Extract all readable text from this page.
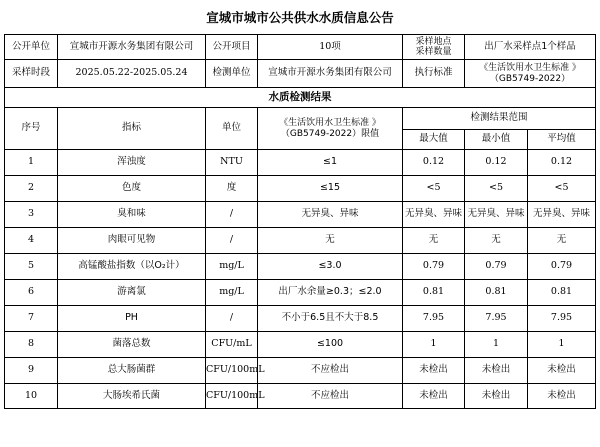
宣城市城市公共供水水质信息公告
公开单位	宣城市开源水务集团有限公司	公开项目	10项	采样地点
采样数量	出厂水采样点1个样品	
采样时段	2025.05.22-2025.05.24	检测单位	宣城市开源水务集团有限公司	执行标准	《生活饮用水卫生标准 》
（GB5749-2022）	
水质检测结果						
序号	指标	单位	《生活饮用水卫生标准 》
（GB5749-2022）限值	检测结果范围		
				最大值	最小值	平均值
1	浑浊度	NTU	≤1	0.12	0.12	0.12
2	色度	度	≤15	<5	<5	<5
3	臭和味	/	无异臭、异味	无异臭、异味	无异臭、异味	无异臭、异味
4	肉眼可见物	/	无	无	无	无
5	高锰酸盐指数（以O₂计）	mg/L	≤3.0	0.79	0.79	0.79
6	游离氯	mg/L	出厂水余量≥0.3；≤2.0	0.81	0.81	0.81
7	PH	/	不小于6.5且不大于8.5	7.95	7.95	7.95
8	菌落总数	CFU/mL	≤100	1	1	1
9	总大肠菌群	CFU/100mL	不应检出	未检出	未检出	未检出
10	大肠埃希氏菌	CFU/100mL	不应检出	未检出	未检出	未检出
